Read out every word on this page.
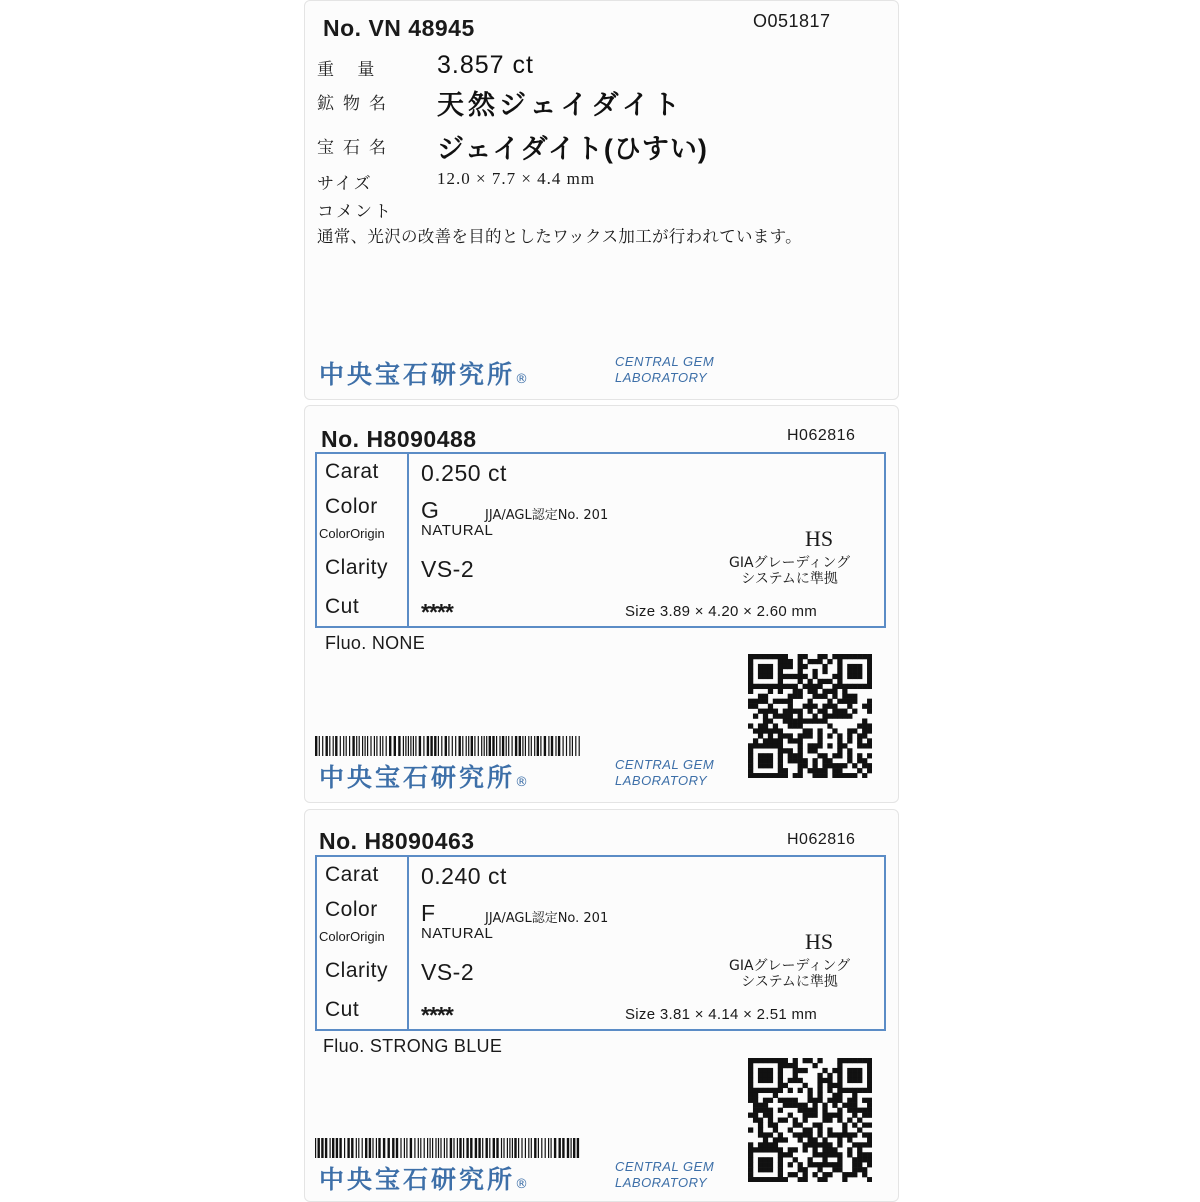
No. VN 48945	O051817
重 量 3.857 ct
鉱物名 天然ジェイダイト
宝石名 ジェイダイト(ひすい)
サイズ	12.0 × 7.7 × 4.4 mm
コメント
通常、光沢の改善を目的としたワックス加工が行われています。
中央宝石研究所®
CENTRAL GEM
LABORATORY
No. H8090488	H062816
Carat 0.250 ct
Color G	JJA/AGL認定No. 201
ColorOrigin NATURAL
Clarity VS-2
HS
GIAグレーディング
システムに準拠
Cut	****	Size 3.89 × 4.20 × 2.60 mm
Fluo. NONE
中央宝石研究所®
CENTRAL GEM
LABORATORY
No. H8090463	H062816
Carat 0.240 ct
Color F	JJA/AGL認定No. 201
ColorOrigin NATURAL
Clarity VS-2
HS
GIAグレーディング
システムに準拠
Cut	****	Size 3.81 × 4.14 × 2.51 mm
Fluo. STRONG BLUE
中央宝石研究所®
CENTRAL GEM
LABORATORY
